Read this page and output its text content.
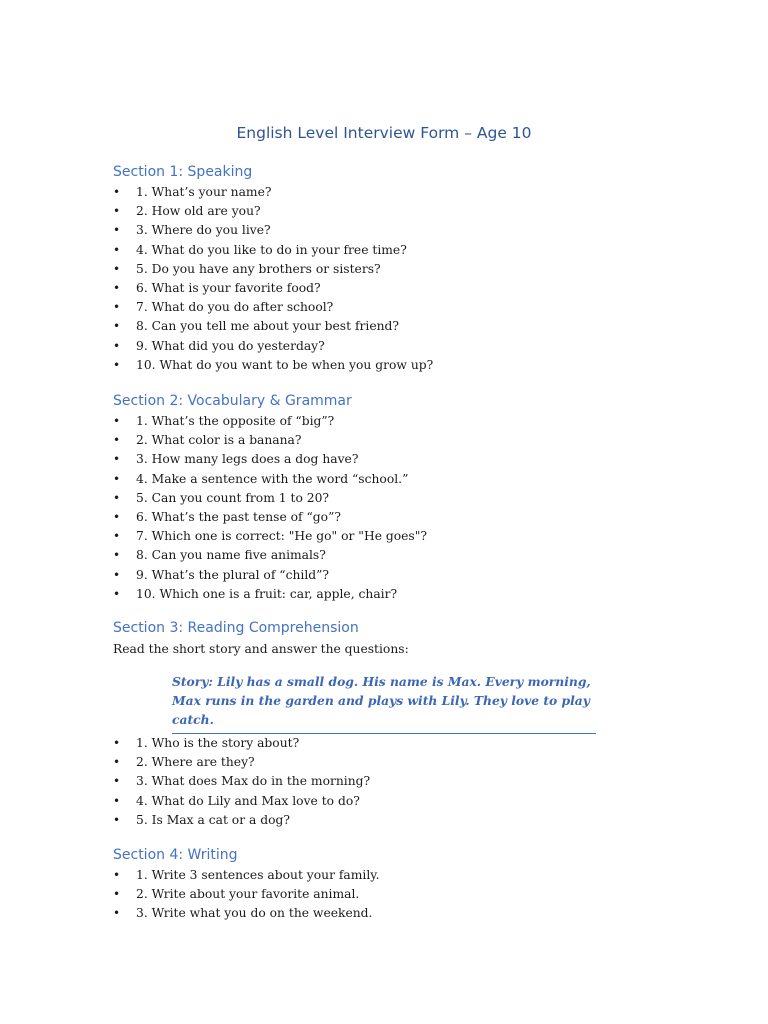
English Level Interview Form – Age 10
Section 1: Speaking
• 1. What’s your name?
• 2. How old are you?
• 3. Where do you live?
• 4. What do you like to do in your free time?
• 5. Do you have any brothers or sisters?
• 6. What is your favorite food?
• 7. What do you do after school?
• 8. Can you tell me about your best friend?
• 9. What did you do yesterday?
• 10. What do you want to be when you grow up?
Section 2: Vocabulary & Grammar
• 1. What’s the opposite of “big”?
• 2. What color is a banana?
• 3. How many legs does a dog have?
• 4. Make a sentence with the word “school.”
• 5. Can you count from 1 to 20?
• 6. What’s the past tense of “go”?
• 7. Which one is correct: "He go" or "He goes"?
• 8. Can you name five animals?
• 9. What’s the plural of “child”?
• 10. Which one is a fruit: car, apple, chair?
Section 3: Reading Comprehension

Read the short story and answer the questions:

Story: Lily has a small dog. His name is Max. Every morning, Max runs in the garden and plays with Lily. They love to play catch.
• 1. Who is the story about?
• 2. Where are they?
• 3. What does Max do in the morning?
• 4. What do Lily and Max love to do?
• 5. Is Max a cat or a dog?
Section 4: Writing
• 1. Write 3 sentences about your family.
• 2. Write about your favorite animal.
• 3. Write what you do on the weekend.
